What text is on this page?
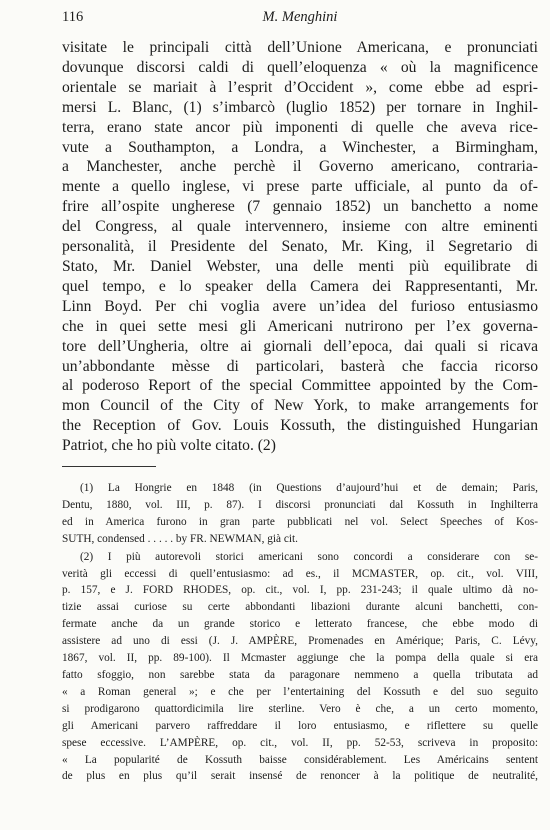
116	M. Menghini
visitate le principali città dell’Unione Americana, e pronunciati
dovunque discorsi caldi di quell’eloquenza « où la magnificence
orientale se mariait à l’esprit d’Occident », come ebbe ad espri-
mersi L. Blanc, (1) s’imbarcò (luglio 1852) per tornare in Inghil-
terra, erano state ancor più imponenti di quelle che aveva rice-
vute a Southampton, a Londra, a Winchester, a Birmingham,
a Manchester, anche perchè il Governo americano, contraria-
mente a quello inglese, vi prese parte ufficiale, al punto da of-
frire all’ospite ungherese (7 gennaio 1852) un banchetto a nome
del Congress, al quale intervennero, insieme con altre eminenti
personalità, il Presidente del Senato, Mr. King, il Segretario di
Stato, Mr. Daniel Webster, una delle menti più equilibrate di
quel tempo, e lo speaker della Camera dei Rappresentanti, Mr.
Linn Boyd. Per chi voglia avere un’idea del furioso entusiasmo
che in quei sette mesi gli Americani nutrirono per l’ex governa-
tore dell’Ungheria, oltre ai giornali dell’epoca, dai quali si ricava
un’abbondante mèsse di particolari, basterà che faccia ricorso
al poderoso Report of the special Committee appointed by the Com-
mon Council of the City of New York, to make arrangements for
the Reception of Gov. Louis Kossuth, the distinguished Hungarian
Patriot, che ho più volte citato. (2)
(1) La Hongrie en 1848 (in Questions d’aujourd’hui et de demain; Paris,
Dentu, 1880, vol. III, p. 87). I discorsi pronunciati dal Kossuth in Inghilterra
ed in America furono in gran parte pubblicati nel vol. Select Speeches of Kos-
SUTH, condensed . . . . . by FR. NEWMAN, già cit.
(2) I più autorevoli storici americani sono concordi a considerare con se-
verità gli eccessi di quell’entusiasmo: ad es., il MCMASTER, op. cit., vol. VIII,
p. 157, e J. FORD RHODES, op. cit., vol. I, pp. 231-243; il quale ultimo dà no-
tizie assai curiose su certe abbondanti libazioni durante alcuni banchetti, con-
fermate anche da un grande storico e letterato francese, che ebbe modo di
assistere ad uno di essi (J. J. AMPÈRE, Promenades en Amérique; Paris, C. Lévy,
1867, vol. II, pp. 89-100). Il Mcmaster aggiunge che la pompa della quale si era
fatto sfoggio, non sarebbe stata da paragonare nemmeno a quella tributata ad
« a Roman general »; e che per l’entertaining del Kossuth e del suo seguito
si prodigarono quattordicimila lire sterline. Vero è che, a un certo momento,
gli Americani parvero raffreddare il loro entusiasmo, e riflettere su quelle
spese eccessive. L’AMPÈRE, op. cit., vol. II, pp. 52-53, scriveva in proposito:
« La popularité de Kossuth baisse considérablement. Les Américains sentent
de plus en plus qu’il serait insensé de renoncer à la politique de neutralité,
